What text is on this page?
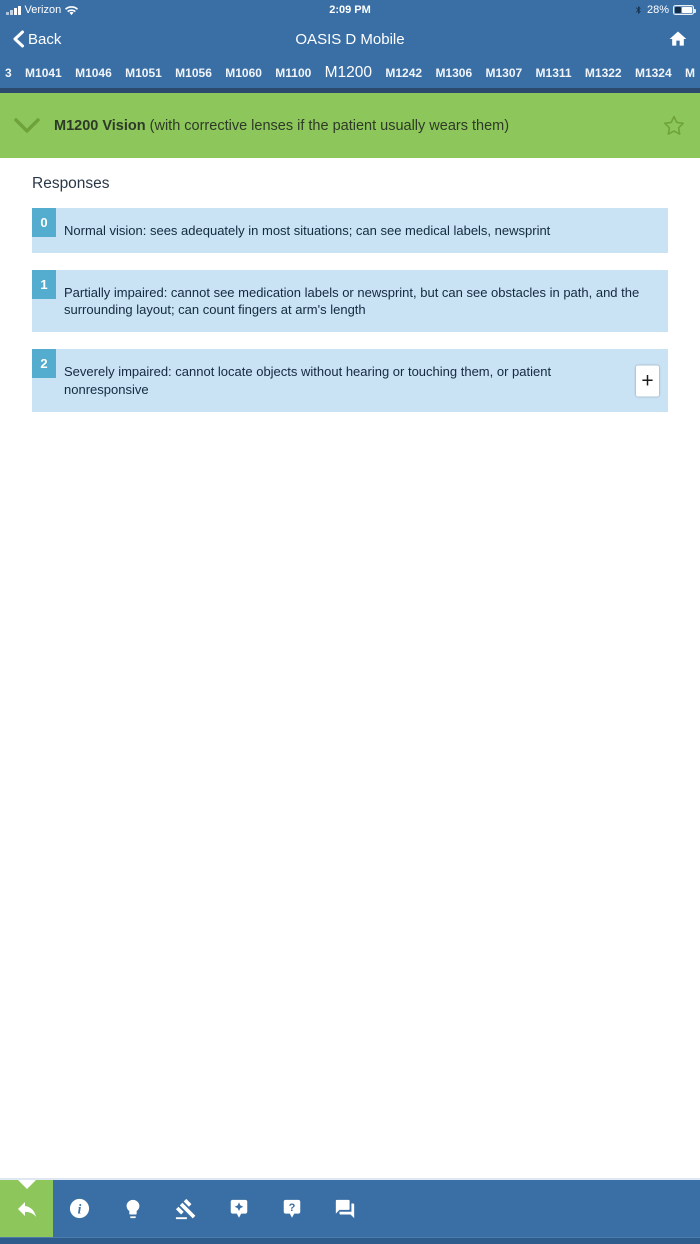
Verizon	2:09 PM	28%
Back	OASIS D Mobile
3 M1041 M1046 M1051 M1056 M1060 M1100 M1200 M1242 M1306 M1307 M1311 M1322 M1324 M
M1200 Vision (with corrective lenses if the patient usually wears them)
Responses
0
Normal vision: sees adequately in most situations; can see medical labels, newsprint
1
Partially impaired: cannot see medication labels or newsprint, but can see obstacles in path, and the surrounding layout; can count fingers at arm's length
2
Severely impaired: cannot locate objects without hearing or touching them, or patient nonresponsive	+
i	?
